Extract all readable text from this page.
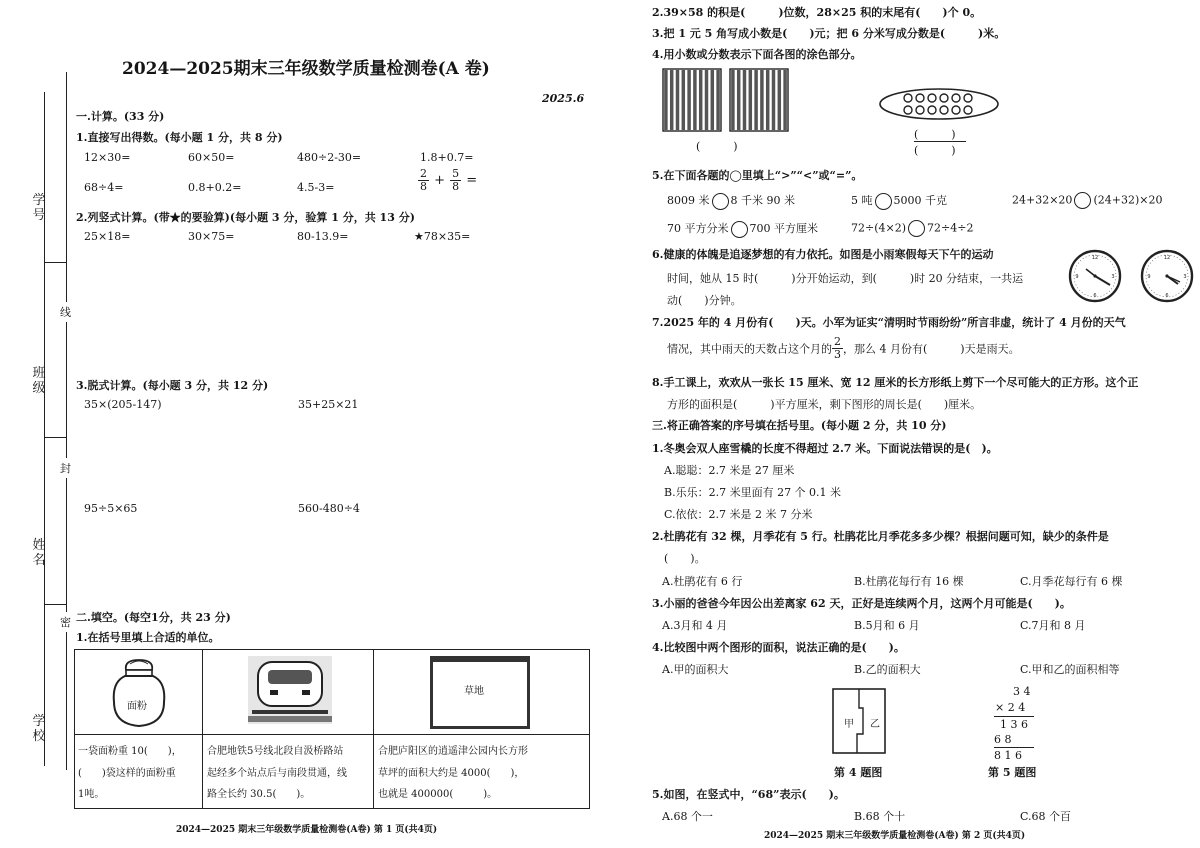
学号
班级
姓名
学校
线
封
密
2024—2025期末三年级数学质量检测卷(A 卷)
2025.6
一.计算。(33 分)
1.直接写出得数。(每小题 1 分，共 8 分)
12×30=	60×50=	480÷2-30=	1.8+0.7=
68÷4=	0.8+0.2=	4.5-3=	$\frac{2}{8} + \frac{5}{8}$ =
2.列竖式计算。(带★的要验算)(每小题 3 分，验算 1 分，共 13 分)
25×18=	30×75=	80-13.9=	★78×35=
3.脱式计算。(每小题 3 分，共 12 分)
35×(205-147)	35+25×21
95÷5×65	560-480÷4
二.填空。(每空1分，共 23 分)
1.在括号里填上合适的单位。
面粉
草地
一袋面粉重 10(　　)，
(　　)袋这样的面粉重
1吨。
合肥地铁5号线北段自汲桥路站
起经多个站点后与南段贯通，线
路全长约 30.5(　　)。
合肥庐阳区的逍遥津公园内长方形
草坪的面积大约是 4000(　　)，
也就是 400000(　　　)。
2024—2025 期末三年级数学质量检测卷(A卷) 第 1 页(共4页)
2.39×58 的积是(　　　)位数，28×25 积的末尾有(　　)个 0。
3.把 1 元 5 角写成小数是(　　)元；把 6 分米写成分数是(　　　)米。
4.用小数或分数表示下面各图的涂色部分。
(　　　)
(　　　)
(　　　)
5.在下面各题的◯里填上“>”“<”或“=”。
8009 米 8 千米 90 米	5 吨 5000 千克	24+32×20 (24+32)×20
70 平方分米 700 平方厘米	72÷(4×2) 72÷4÷2
6.健康的体魄是追逐梦想的有力依托。如图是小雨寒假每天下午的运动
时间，她从 15 时(　　　)分开始运动，到(　　　)时 20 分结束，一共运
动(　　)分钟。
12
3
6
9
12
3
6
9
7.2025 年的 4 月份有(　　)天。小军为证实“清明时节雨纷纷”所言非虚，统计了 4 月份的天气
情况，其中雨天的天数占这个月的 $\frac{2}{3}$ ，那么 4 月份有(　　　)天是雨天。
8.手工课上，欢欢从一张长 15 厘米、宽 12 厘米的长方形纸上剪下一个尽可能大的正方形。这个正
方形的面积是(　　　)平方厘米，剩下图形的周长是(　　)厘米。
三.将正确答案的序号填在括号里。(每小题 2 分，共 10 分)
1.冬奥会双人座雪橇的长度不得超过 2.7 米。下面说法错误的是(　)。
A.聪聪：2.7 米是 27 厘米
B.乐乐：2.7 米里面有 27 个 0.1 米
C.依依：2.7 米是 2 米 7 分米
2.杜鹃花有 32 棵，月季花有 5 行。杜鹃花比月季花多多少棵？根据问题可知，缺少的条件是
(　　)。
A.杜鹃花有 6 行	B.杜鹃花每行有 16 棵	C.月季花每行有 6 棵
3.小丽的爸爸今年因公出差离家 62 天，正好是连续两个月，这两个月可能是(　　)。
A.3月和 4 月	B.5月和 6 月	C.7月和 8 月
4.比较图中两个图形的面积，说法正确的是(　　)。
A.甲的面积大	B.乙的面积大	C.甲和乙的面积相等
甲 乙
第 4 题图
3 4
× 2 4
1 3 6
6 8
8 1 6
第 5 题图
5.如图，在竖式中，“68”表示(　　)。
A.68 个一	B.68 个十	C.68 个百
2024—2025 期末三年级数学质量检测卷(A卷) 第 2 页(共4页)
